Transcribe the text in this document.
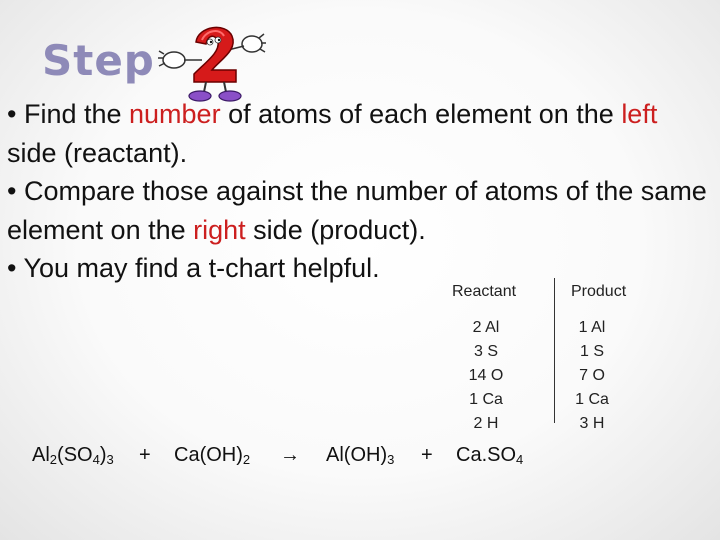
Step

• Find the number of atoms of each element on the left side (reactant).

• Compare those against the number of atoms of the same element on the right side (product).

• You may find a t-chart helpful.

Reactant	Product
2 Al
3 S
14 O
1 Ca
2 H
1 Al
1 S
7 O
1 Ca
3 H
$Al_2(SO_4)_3 + Ca(OH)_2 \to Al(OH)_3 + Ca.SO_4$
